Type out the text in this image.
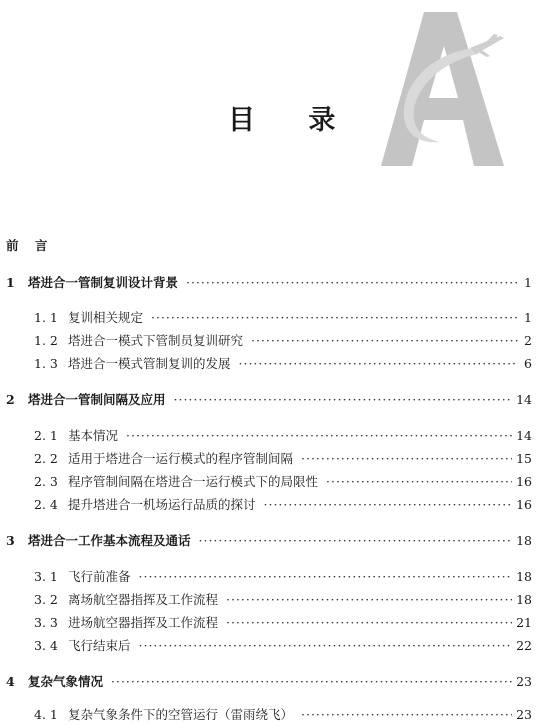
目 录
前 言
1	塔进合一管制复训设计背景 ·····	1
1. 1 复训相关规定 ·····	1
1. 2 塔进合一模式下管制员复训研究 ·····	2
1. 3 塔进合一模式管制复训的发展 ·····	6
2	塔进合一管制间隔及应用 ·····	14
2. 1 基本情况 ·····	14
2. 2 适用于塔进合一运行模式的程序管制间隔 ·····	15
2. 3 程序管制间隔在塔进合一运行模式下的局限性 ·····	16
2. 4 提升塔进合一机场运行品质的探讨 ·····	16
3	塔进合一工作基本流程及通话 ·····	18
3. 1 飞行前准备 ·····	18
3. 2 离场航空器指挥及工作流程 ·····	18
3. 3 进场航空器指挥及工作流程 ·····	21
3. 4 飞行结束后 ·····	22
4	复杂气象情况 ·····	23
4. 1 复杂气象条件下的空管运行（雷雨绕飞） ·····	23
